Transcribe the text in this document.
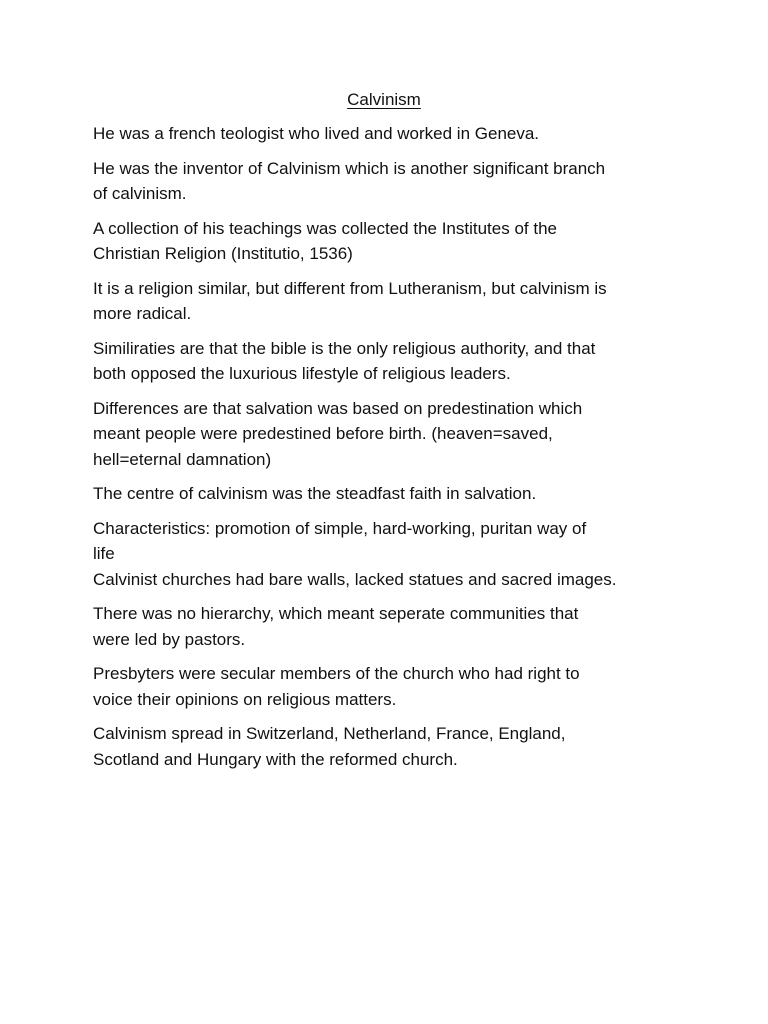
Calvinism

He was a french teologist who lived and worked in Geneva.

He was the inventor of Calvinism which is another significant branch
of calvinism.

A collection of his teachings was collected the Institutes of the
Christian Religion (Institutio, 1536)

It is a religion similar, but different from Lutheranism, but calvinism is
more radical.

Similiraties are that the bible is the only religious authority, and that
both opposed the luxurious lifestyle of religious leaders.

Differences are that salvation was based on predestination which
meant people were predestined before birth. (heaven=saved,
hell=eternal damnation)

The centre of calvinism was the steadfast faith in salvation.

Characteristics: promotion of simple, hard-working, puritan way of
life

Calvinist churches had bare walls, lacked statues and sacred images.

There was no hierarchy, which meant seperate communities that
were led by pastors.

Presbyters were secular members of the church who had right to
voice their opinions on religious matters.

Calvinism spread in Switzerland, Netherland, France, England,
Scotland and Hungary with the reformed church.
